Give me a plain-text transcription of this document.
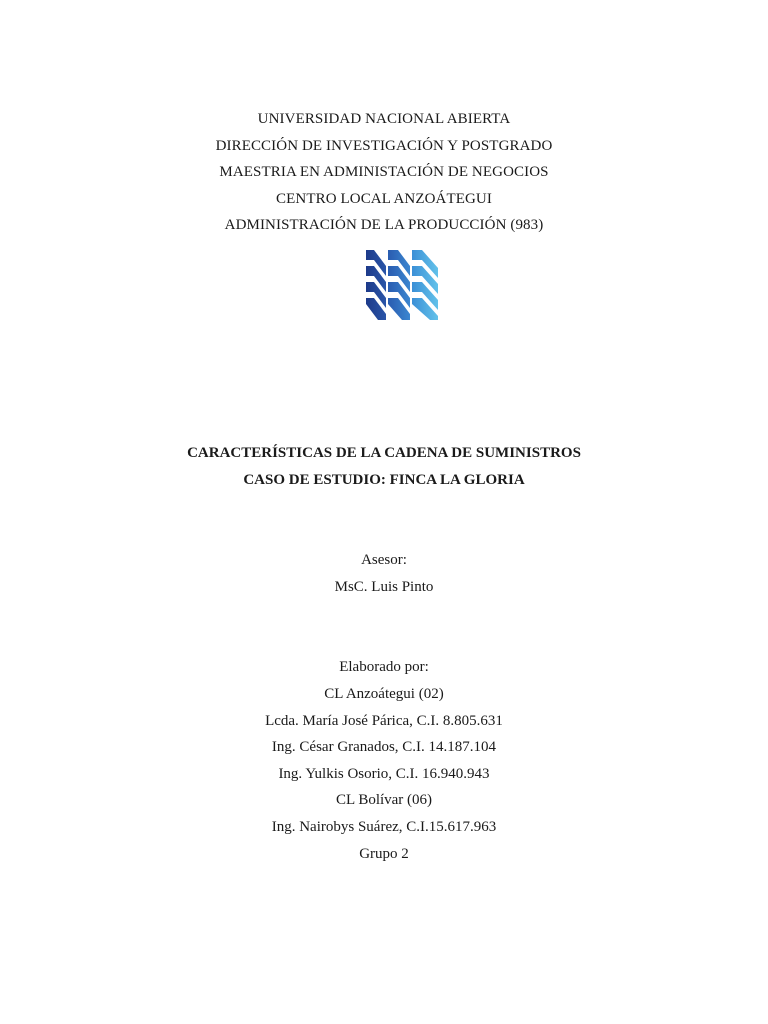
UNIVERSIDAD NACIONAL ABIERTA
DIRECCIÓN DE INVESTIGACIÓN Y POSTGRADO
MAESTRIA EN ADMINISTACIÓN DE NEGOCIOS
CENTRO LOCAL ANZOÁTEGUI
ADMINISTRACIÓN DE LA PRODUCCIÓN (983)
CARACTERÍSTICAS DE LA CADENA DE SUMINISTROS
CASO DE ESTUDIO: FINCA LA GLORIA
Asesor:
MsC. Luis Pinto
Elaborado por:
CL Anzoátegui (02)
Lcda. María José Párica, C.I. 8.805.631
Ing. César Granados, C.I. 14.187.104
Ing. Yulkis Osorio, C.I. 16.940.943
CL Bolívar (06)
Ing. Nairobys Suárez, C.I.15.617.963
Grupo 2
